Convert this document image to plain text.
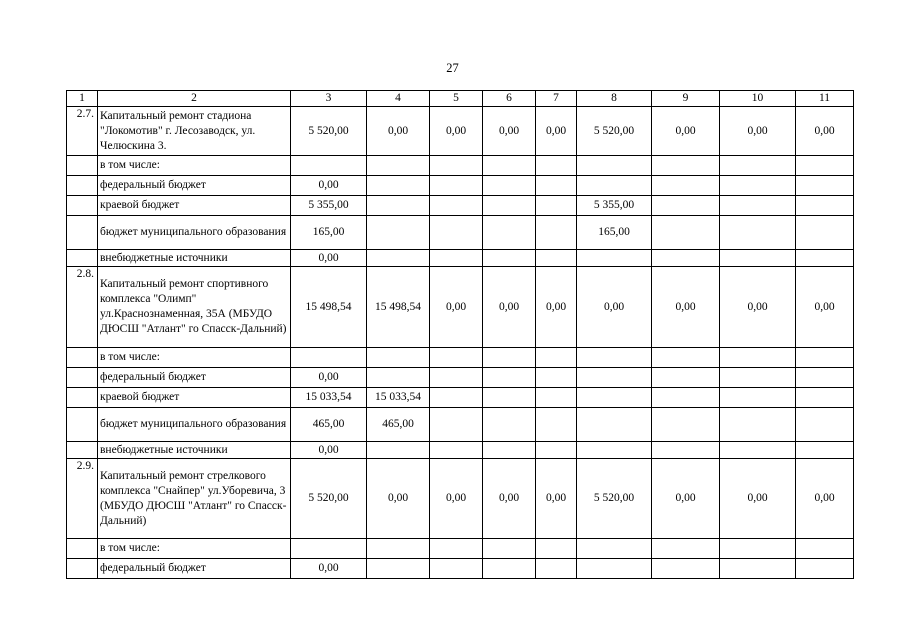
27
1	2	3	4	5	6	7	8	9	10	11
2.7.	Капитальный ремонт стадиона "Локомотив" г. Лесозаводск, ул. Челюскина 3.	5 520,00	0,00	0,00	0,00	0,00	5 520,00	0,00	0,00	0,00
	в том числе:									
	федеральный бюджет	0,00								
	краевой бюджет	5 355,00					5 355,00			
	бюджет муниципального образования	165,00					165,00			
	внебюджетные источники	0,00								
2.8.	Капитальный ремонт спортивного комплекса "Олимп" ул.Краснознаменная, 35А (МБУДО ДЮСШ "Атлант" го Спасск-Дальний)	15 498,54	15 498,54	0,00	0,00	0,00	0,00	0,00	0,00	0,00
	в том числе:									
	федеральный бюджет	0,00								
	краевой бюджет	15 033,54	15 033,54							
	бюджет муниципального образования	465,00	465,00							
	внебюджетные источники	0,00								
2.9.	Капитальный ремонт стрелкового комплекса "Снайпер" ул.Уборевича, 3 (МБУДО ДЮСШ "Атлант" го Спасск-Дальний)	5 520,00	0,00	0,00	0,00	0,00	5 520,00	0,00	0,00	0,00
	в том числе:									
	федеральный бюджет	0,00								
